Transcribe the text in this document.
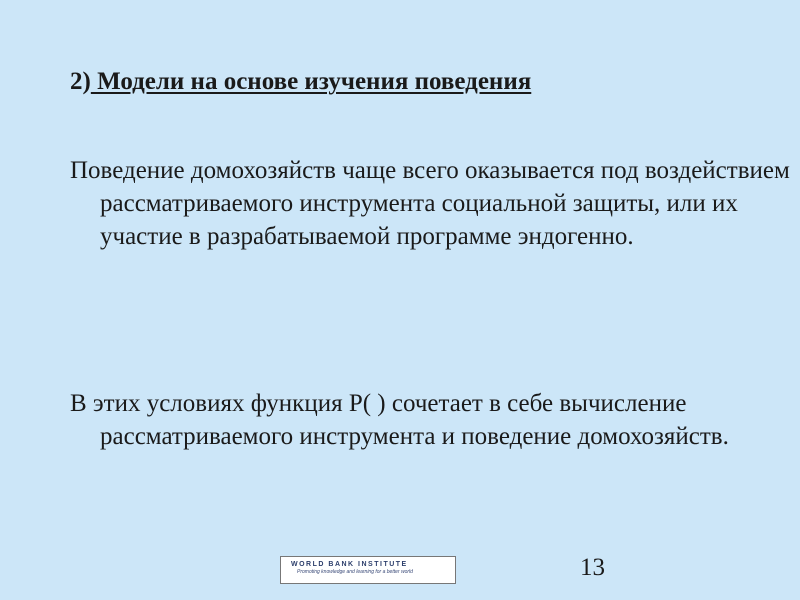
2) Модели на основе изучения поведения
Поведение домохозяйств чаще всего оказывается под воздействием рассматриваемого инструмента социальной защиты, или их участие в разрабатываемой программе эндогенно.
В этих условиях функция P( ) сочетает в себе вычисление рассматриваемого инструмента и поведение домохозяйств.
WORLD BANK INSTITUTE
Promoting knowledge and learning for a better world	13
